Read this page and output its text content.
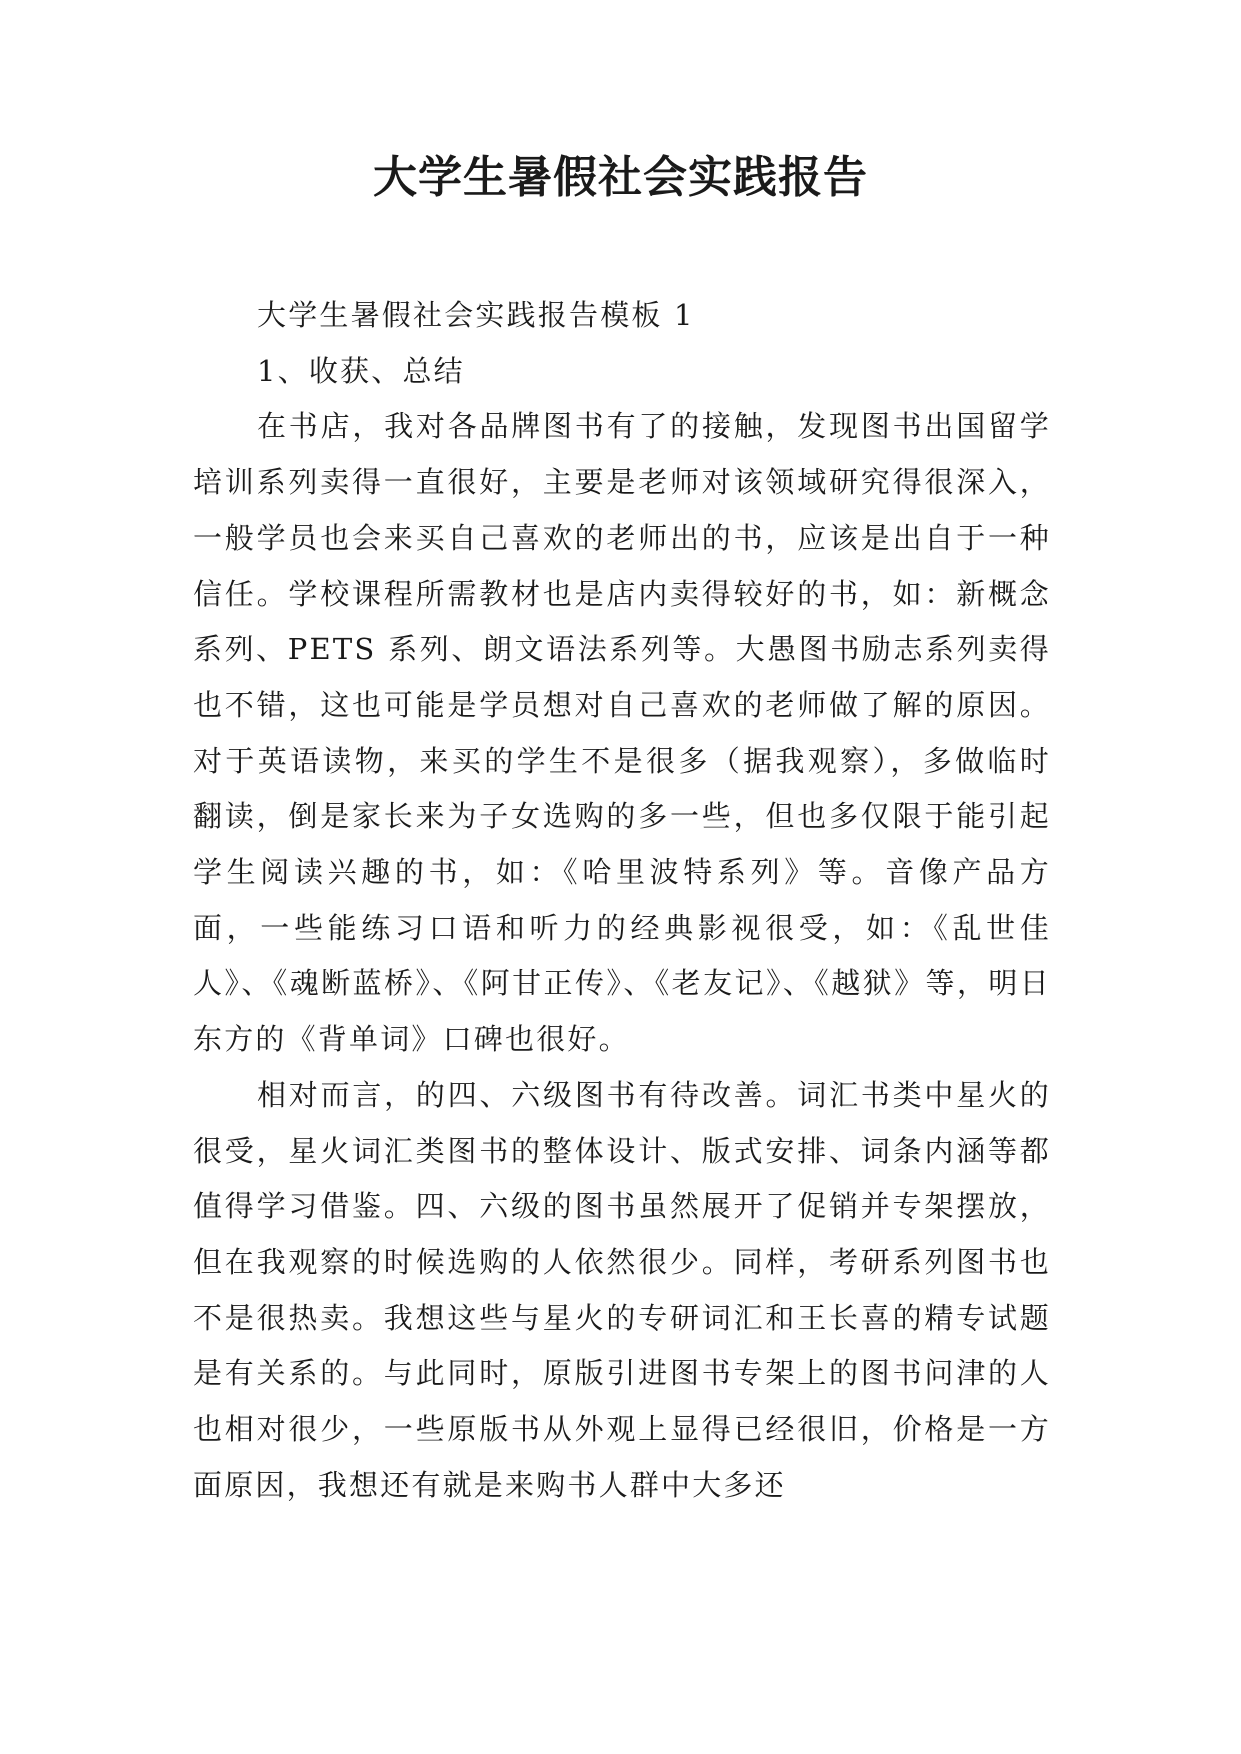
大学生暑假社会实践报告

大学生暑假社会实践报告模板 1

1、收获、总结

在书店，我对各品牌图书有了的接触，发现图书出国留学培训系列卖得一直很好，主要是老师对该领域研究得很深入，一般学员也会来买自己喜欢的老师出的书，应该是出自于一种信任。学校课程所需教材也是店内卖得较好的书，如：新概念系列、PETS 系列、朗文语法系列等。大愚图书励志系列卖得也不错，这也可能是学员想对自己喜欢的老师做了解的原因。对于英语读物，来买的学生不是很多（据我观察），多做临时翻读，倒是家长来为子女选购的多一些，但也多仅限于能引起学生阅读兴趣的书，如：《哈里波特系列》等。音像产品方面，一些能练习口语和听力的经典影视很受，如：《乱世佳人》、《魂断蓝桥》、《阿甘正传》、《老友记》、《越狱》等，明日东方的《背单词》口碑也很好。

相对而言，的四、六级图书有待改善。词汇书类中星火的很受，星火词汇类图书的整体设计、版式安排、词条内涵等都值得学习借鉴。四、六级的图书虽然展开了促销并专架摆放，但在我观察的时候选购的人依然很少。同样，考研系列图书也不是很热卖。我想这些与星火的专研词汇和王长喜的精专试题是有关系的。与此同时，原版引进图书专架上的图书问津的人也相对很少，一些原版书从外观上显得已经很旧，价格是一方面原因，我想还有就是来购书人群中大多还
